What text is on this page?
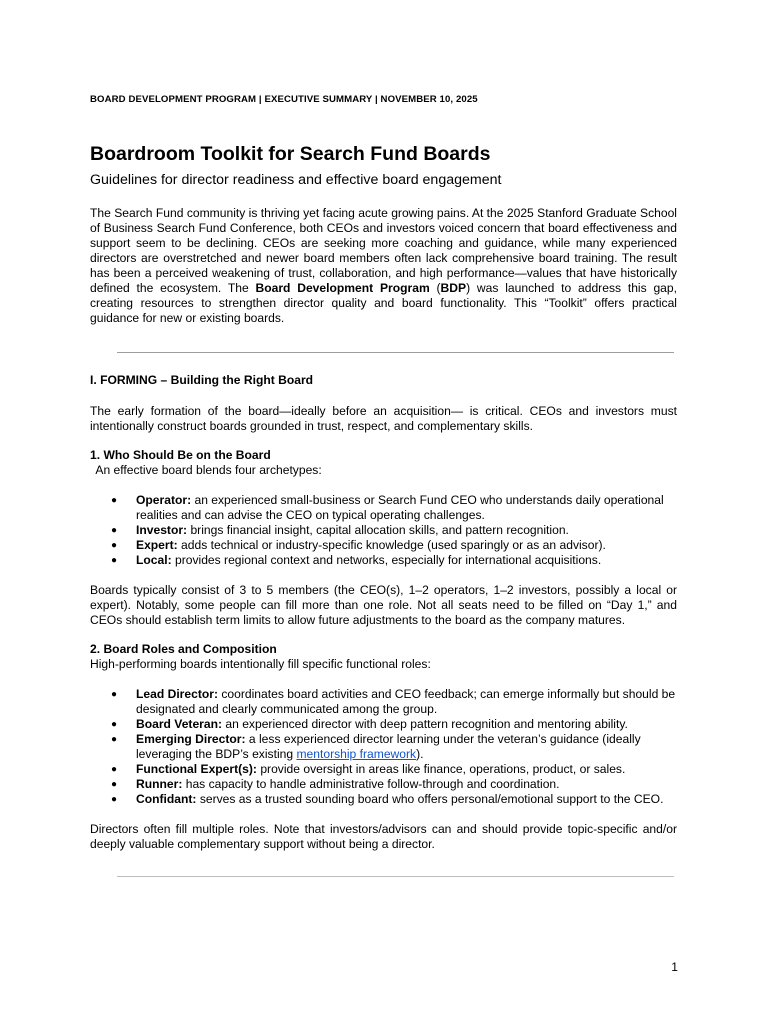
BOARD DEVELOPMENT PROGRAM | EXECUTIVE SUMMARY | NOVEMBER 10, 2025

Boardroom Toolkit for Search Fund Boards

Guidelines for director readiness and effective board engagement

The Search Fund community is thriving yet facing acute growing pains. At the 2025 Stanford Graduate School of Business Search Fund Conference, both CEOs and investors voiced concern that board effectiveness and support seem to be declining. CEOs are seeking more coaching and guidance, while many experienced directors are overstretched and newer board members often lack comprehensive board training. The result has been a perceived weakening of trust, collaboration, and high performance—values that have historically defined the ecosystem. The Board Development Program (BDP) was launched to address this gap, creating resources to strengthen director quality and board functionality. This “Toolkit” offers practical guidance for new or existing boards.

I. FORMING – Building the Right Board

The early formation of the board—ideally before an acquisition— is critical. CEOs and investors must intentionally construct boards grounded in trust, respect, and complementary skills.

1. Who Should Be on the Board

An effective board blends four archetypes:

● Operator: an experienced small-business or Search Fund CEO who understands daily operational realities and can advise the CEO on typical operating challenges.
● Investor: brings financial insight, capital allocation skills, and pattern recognition.
● Expert: adds technical or industry-specific knowledge (used sparingly or as an advisor).
● Local: provides regional context and networks, especially for international acquisitions.

Boards typically consist of 3 to 5 members (the CEO(s), 1–2 operators, 1–2 investors, possibly a local or expert). Notably, some people can fill more than one role. Not all seats need to be filled on “Day 1,” and CEOs should establish term limits to allow future adjustments to the board as the company matures.

2. Board Roles and Composition

High-performing boards intentionally fill specific functional roles:

● Lead Director: coordinates board activities and CEO feedback; can emerge informally but should be designated and clearly communicated among the group.
● Board Veteran: an experienced director with deep pattern recognition and mentoring ability.
● Emerging Director: a less experienced director learning under the veteran’s guidance (ideally leveraging the BDP’s existing mentorship framework).
● Functional Expert(s): provide oversight in areas like finance, operations, product, or sales.
● Runner: has capacity to handle administrative follow-through and coordination.
● Confidant: serves as a trusted sounding board who offers personal/emotional support to the CEO.

Directors often fill multiple roles. Note that investors/advisors can and should provide topic-specific and/or deeply valuable complementary support without being a director.

1
